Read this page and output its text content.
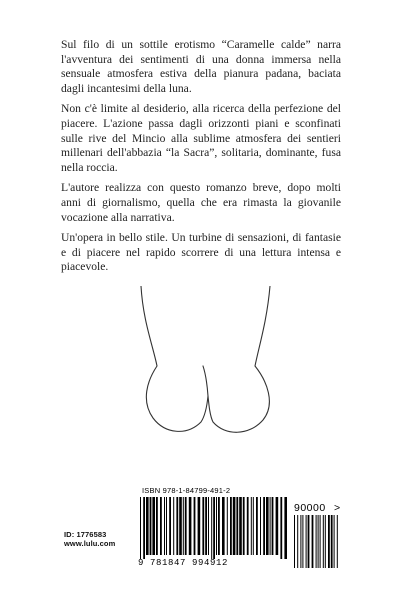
Sul filo di un sottile erotismo “Caramelle calde” narra l'avventura dei sentimenti di una donna immersa nella sensuale atmosfera estiva della pianura padana, baciata dagli incantesimi della luna.

Non c'è limite al desiderio, alla ricerca della perfezione del piacere. L'azione passa dagli orizzonti piani e sconfinati sulle rive del Mincio alla sublime atmosfera dei sentieri millenari dell'abbazia “la Sacra”, solitaria, dominante, fusa nella roccia.

L'autore realizza con questo romanzo breve, dopo molti anni di giornalismo, quella che era rimasta la giovanile vocazione alla narrativa.

Un'opera in bello stile. Un turbine di sensazioni, di fantasie e di piacere nel rapido scorrere di una lettura intensa e piacevole.

ISBN 978-1-84799-491-2
90000 >
9 781847 994912
ID: 1776583
www.lulu.com
